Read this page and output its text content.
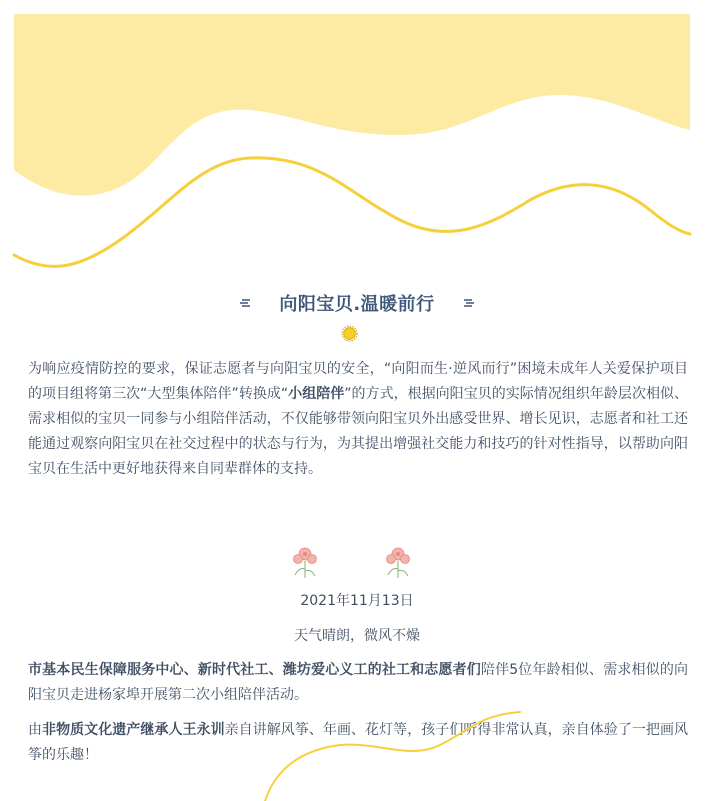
向阳宝贝.温暖前行

为响应疫情防控的要求，保证志愿者与向阳宝贝的安全，“向阳而生·逆风而行”困境未成年人关爱保护项目的项目组将第三次“大型集体陪伴”转换成“小组陪伴”的方式，根据向阳宝贝的实际情况组织年龄层次相似、需求相似的宝贝一同参与小组陪伴活动，不仅能够带领向阳宝贝外出感受世界、增长见识，志愿者和社工还能通过观察向阳宝贝在社交过程中的状态与行为，为其提出增强社交能力和技巧的针对性指导，以帮助向阳宝贝在生活中更好地获得来自同辈群体的支持。

2021年11月13日
天气晴朗，微风不燥

市基本民生保障服务中心、新时代社工、潍坊爱心义工的社工和志愿者们陪伴5位年龄相似、需求相似的向阳宝贝走进杨家埠开展第二次小组陪伴活动。

由非物质文化遗产继承人王永训亲自讲解风筝、年画、花灯等，孩子们听得非常认真，亲自体验了一把画风筝的乐趣！
